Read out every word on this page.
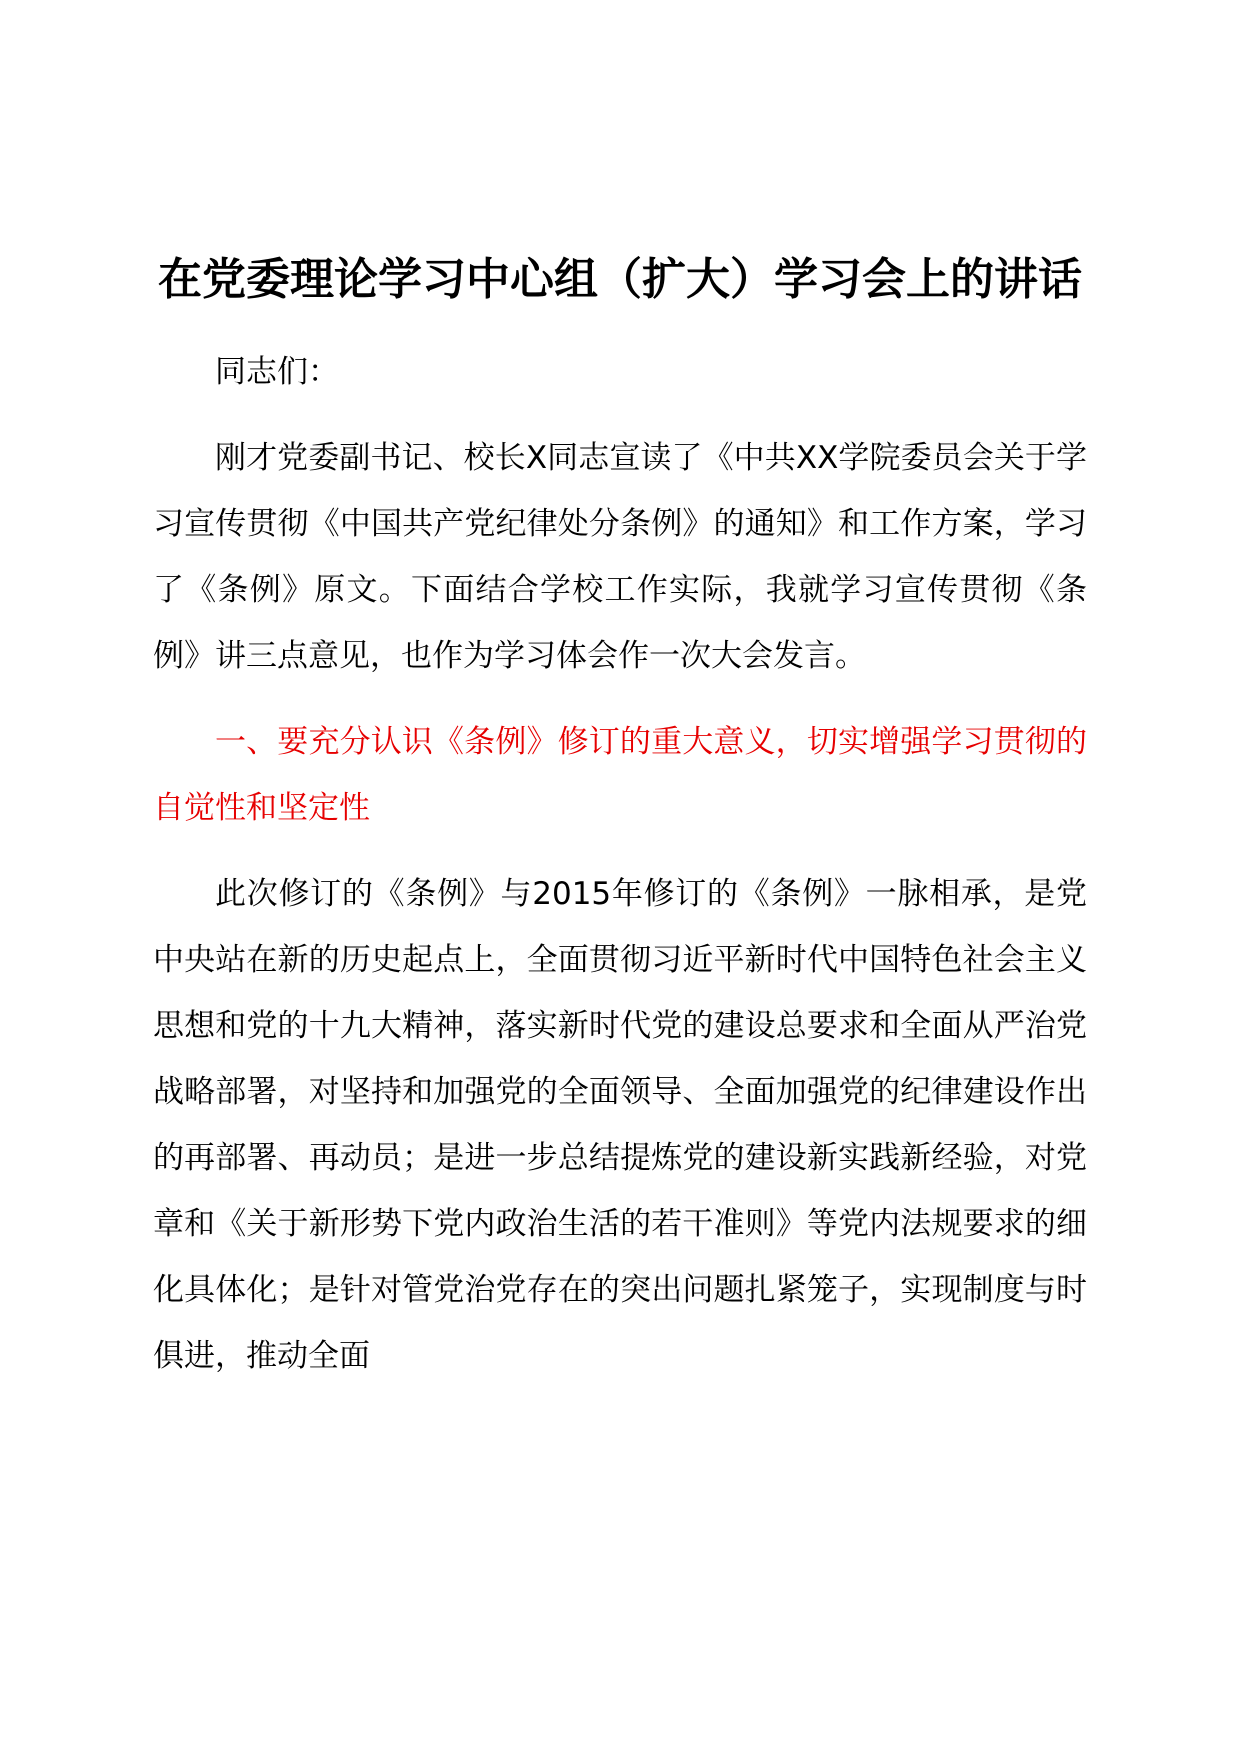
在党委理论学习中心组（扩大）学习会上的讲话

同志们：

刚才党委副书记、校长X同志宣读了《中共XX学院委员会关于学习宣传贯彻《中国共产党纪律处分条例》的通知》和工作方案，学习了《条例》原文。下面结合学校工作实际，我就学习宣传贯彻《条例》讲三点意见，也作为学习体会作一次大会发言。

一、要充分认识《条例》修订的重大意义，切实增强学习贯彻的自觉性和坚定性

此次修订的《条例》与2015年修订的《条例》一脉相承，是党中央站在新的历史起点上，全面贯彻习近平新时代中国特色社会主义思想和党的十九大精神，落实新时代党的建设总要求和全面从严治党战略部署，对坚持和加强党的全面领导、全面加强党的纪律建设作出的再部署、再动员；是进一步总结提炼党的建设新实践新经验，对党章和《关于新形势下党内政治生活的若干准则》等党内法规要求的细化具体化；是针对管党治党存在的突出问题扎紧笼子，实现制度与时俱进，推动全面
